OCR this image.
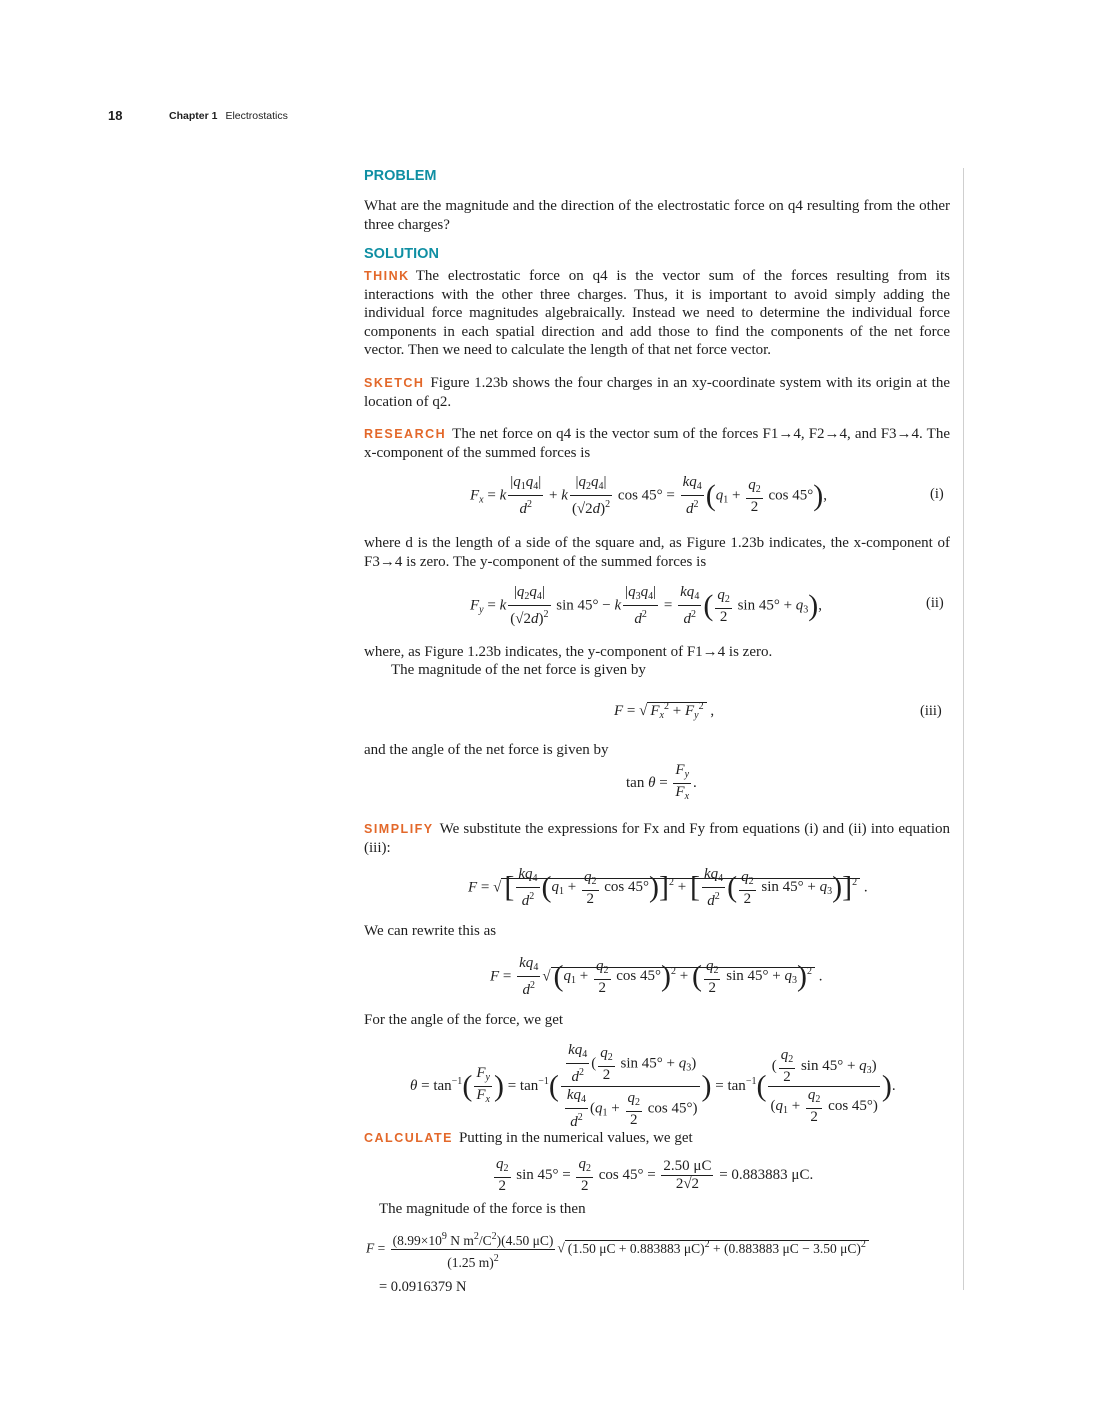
18	Chapter 1 Electrostatics
PROBLEM
What are the magnitude and the direction of the electrostatic force on q4 resulting from the other three charges?
SOLUTION
THINK The electrostatic force on q4 is the vector sum of the forces resulting from its interactions with the other three charges. Thus, it is important to avoid simply adding the individual force magnitudes algebraically. Instead we need to determine the individual force components in each spatial direction and add those to find the components of the net force vector. Then we need to calculate the length of that net force vector.
SKETCH Figure 1.23b shows the four charges in an xy-coordinate system with its origin at the location of q2.
RESEARCH The net force on q4 is the vector sum of the forces F1→4, F2→4, and F3→4. The x-component of the summed forces is
$F_x = k \frac{|q_1q_4|}{d^2} + k \frac{|q_2q_4|}{(√2d)^2}$ $\cos 45^\circ = \frac{kq_4}{d^2} (q_1 + \frac{q_2}{2}$ cos 45°),	(i)
where d is the length of a side of the square and, as Figure 1.23b indicates, the x-component of F3→4 is zero. The y-component of the summed forces is
$F_y = k \frac{|q_2q_4|}{(√2d)^2}$ sin 45° − k $\frac{|q_3q_4|}{d^2} = \frac{kq_4}{d^2}$ ( $\frac{q_2}{2}$ $\sin 45^\circ + q_3$),	(ii)
where, as Figure 1.23b indicates, the y-component of F1→4 is zero.
The magnitude of the net force is given by
F = √ $F_x^2 + F_y^2$ ,	(iii)
and the angle of the net force is given by
$\tan \theta = \frac{F_y}{F_x}$ .
SIMPLIFY We substitute the expressions for Fx and Fy from equations (i) and (ii) into equation (iii):
F = √ [ $\frac{kq_4}{d^2} (q_1 + \frac{q_2}{2}$ cos 45°)]$^2$ + [ $\frac{kq_4}{d^2}$ ( $\frac{q_2}{2}$ $\sin 45^\circ + q_3)]^2$ .
We can rewrite this as
$F = \frac{kq_4}{d^2}$ √ ($q_1 + \frac{q_2}{2}$ $\cos 45^\circ)^2$ + ( $\frac{q_2}{2}$ $\sin 45^\circ + q_3)^2$ .
For the angle of the force, we get
$\theta = \tan^{-1}( \frac{F_y}{F_x}$ ) = $\tan^{-1}( \frac{\frac{kq_4}{d^2} ( \frac{q_2}{2} \sin 45^\circ + q_3)}{\frac{kq_4}{d^2} (q_1 + \frac{q_2}{2} \cos 45^\circ)}$ ) = $\tan^{-1}( \frac{( \frac{q_2}{2} \sin 45^\circ + q_3)}{(q_1 + \frac{q_2}{2} \cos 45^\circ)}$ ).
CALCULATE Putting in the numerical values, we get
$\frac{q_2}{2}$ $\sin 45^\circ = \frac{q_2}{2}$ $\cos 45^\circ = \frac{2.50 \mu C}{2√2} = 0.883883$ μC.
The magnitude of the force is then
$F = \frac{(8.99\times 10^9 N m^2/C^2)(4.50 \mu C)}{(1.25 m)^2}$ √ (1.50 μC + 0.883883 μC)$^2$ + (0.883883 μC − 3.50 μC)$^2$
= 0.0916379 N
